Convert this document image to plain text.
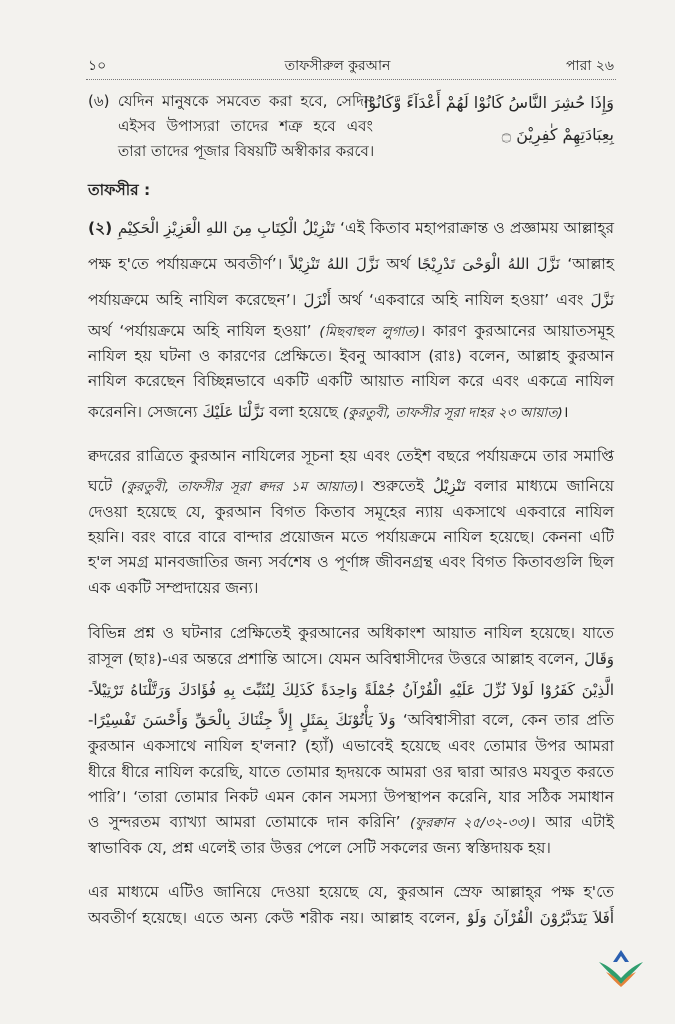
১০	তাফসীরুল কুরআন	পারা ২৬
(৬) যেদিন মানুষকে সমবেত করা হবে, সেদিন
এইসব উপাস্যরা তাদের শত্রু হবে এবং
তারা তাদের পূজার বিষয়টি অস্বীকার করবে।
وَإِذَا حُشِرَ النَّاسُ كَانُوْا لَهُمْ أَعْدَآءً وَّكَانُوْا
بِعِبَادَتِهِمْ كٰفِرِيْنَ ۝
তাফসীর :
(২) تَنْزِيْلُ الْكِتَابِ مِنَ اللهِ الْعَزِيْزِ الْحَكِيْمِ ‘এই কিতাব মহাপরাক্রান্ত ও প্রজ্ঞাময় আল্লাহ্‌র
পক্ষ হ'তে পর্যায়ক্রমে অবতীর্ণ’। نَزَّلَ اللهُ تَنْزِيْلاً অর্থ نَزَّلَ اللهُ الْوَحْىَ تَدْرِيْجًا ‘আল্লাহ
পর্যায়ক্রমে অহি নাযিল করেছেন’। أَنْزَلَ অর্থ ‘একবারে অহি নাযিল হওয়া’ এবং نَزَّلَ
অর্থ ‘পর্যায়ক্রমে অহি নাযিল হওয়া’ (মিছবাহুল লুগাত)। কারণ কুরআনের আয়াতসমূহ
নাযিল হয় ঘটনা ও কারণের প্রেক্ষিতে। ইবনু আব্বাস (রাঃ) বলেন, আল্লাহ কুরআন
নাযিল করেছেন বিচ্ছিন্নভাবে একটি একটি আয়াত নাযিল করে এবং একত্রে নাযিল
করেননি। সেজন্যে نَزَّلْنَا عَلَيْكَ বলা হয়েছে (কুরতুবী, তাফসীর সূরা দাহর ২৩ আয়াত)।
ক্বদরের রাত্রিতে কুরআন নাযিলের সূচনা হয় এবং তেইশ বছরে পর্যায়ক্রমে তার সমাপ্তি
ঘটে (কুরতুবী, তাফসীর সূরা ক্বদর ১ম আয়াত)। শুরুতেই تَنْزِيْلُ বলার মাধ্যমে জানিয়ে
দেওয়া হয়েছে যে, কুরআন বিগত কিতাব সমূহের ন্যায় একসাথে একবারে নাযিল
হয়নি। বরং বারে বারে বান্দার প্রয়োজন মতে পর্যায়ক্রমে নাযিল হয়েছে। কেননা এটি
হ'ল সমগ্র মানবজাতির জন্য সর্বশেষ ও পূর্ণাঙ্গ জীবনগ্রন্থ এবং বিগত কিতাবগুলি ছিল
এক একটি সম্প্রদায়ের জন্য।
বিভিন্ন প্রশ্ন ও ঘটনার প্রেক্ষিতেই কুরআনের অধিকাংশ আয়াত নাযিল হয়েছে। যাতে
রাসূল (ছাঃ)-এর অন্তরে প্রশান্তি আসে। যেমন অবিশ্বাসীদের উত্তরে আল্লাহ বলেন, وَقَالَ
الَّذِيْنَ كَفَرُوْا لَوْلاَ نُزِّلَ عَلَيْهِ الْقُرْآنُ جُمْلَةً وَاحِدَةً كَذَلِكَ لِنُثَبِّتَ بِهِ فُؤَادَكَ وَرَتَّلْنَاهُ تَرْتِيْلاً-
وَلاَ يَأْتُوْنَكَ بِمَثَلٍ إِلاَّ جِئْنَاكَ بِالْحَقِّ وَأَحْسَنَ تَفْسِيْرًا- ‘অবিশ্বাসীরা বলে, কেন তার প্রতি
কুরআন একসাথে নাযিল হ'লনা? (হ্যাঁ) এভাবেই হয়েছে এবং তোমার উপর আমরা
ধীরে ধীরে নাযিল করেছি, যাতে তোমার হৃদয়কে আমরা ওর দ্বারা আরও মযবুত করতে
পারি’। ‘তারা তোমার নিকট এমন কোন সমস্যা উপস্থাপন করেনি, যার সঠিক সমাধান
ও সুন্দরতম ব্যাখ্যা আমরা তোমাকে দান করিনি’ (ফুরক্বান ২৫/৩২-৩৩)। আর এটাই
স্বাভাবিক যে, প্রশ্ন এলেই তার উত্তর পেলে সেটি সকলের জন্য স্বস্তিদায়ক হয়।
এর মাধ্যমে এটিও জানিয়ে দেওয়া হয়েছে যে, কুরআন স্রেফ আল্লাহ্‌র পক্ষ হ'তে
অবতীর্ণ হয়েছে। এতে অন্য কেউ শরীক নয়। আল্লাহ বলেন, أَفَلاَ يَتَدَبَّرُوْنَ الْقُرْآنَ وَلَوْ
